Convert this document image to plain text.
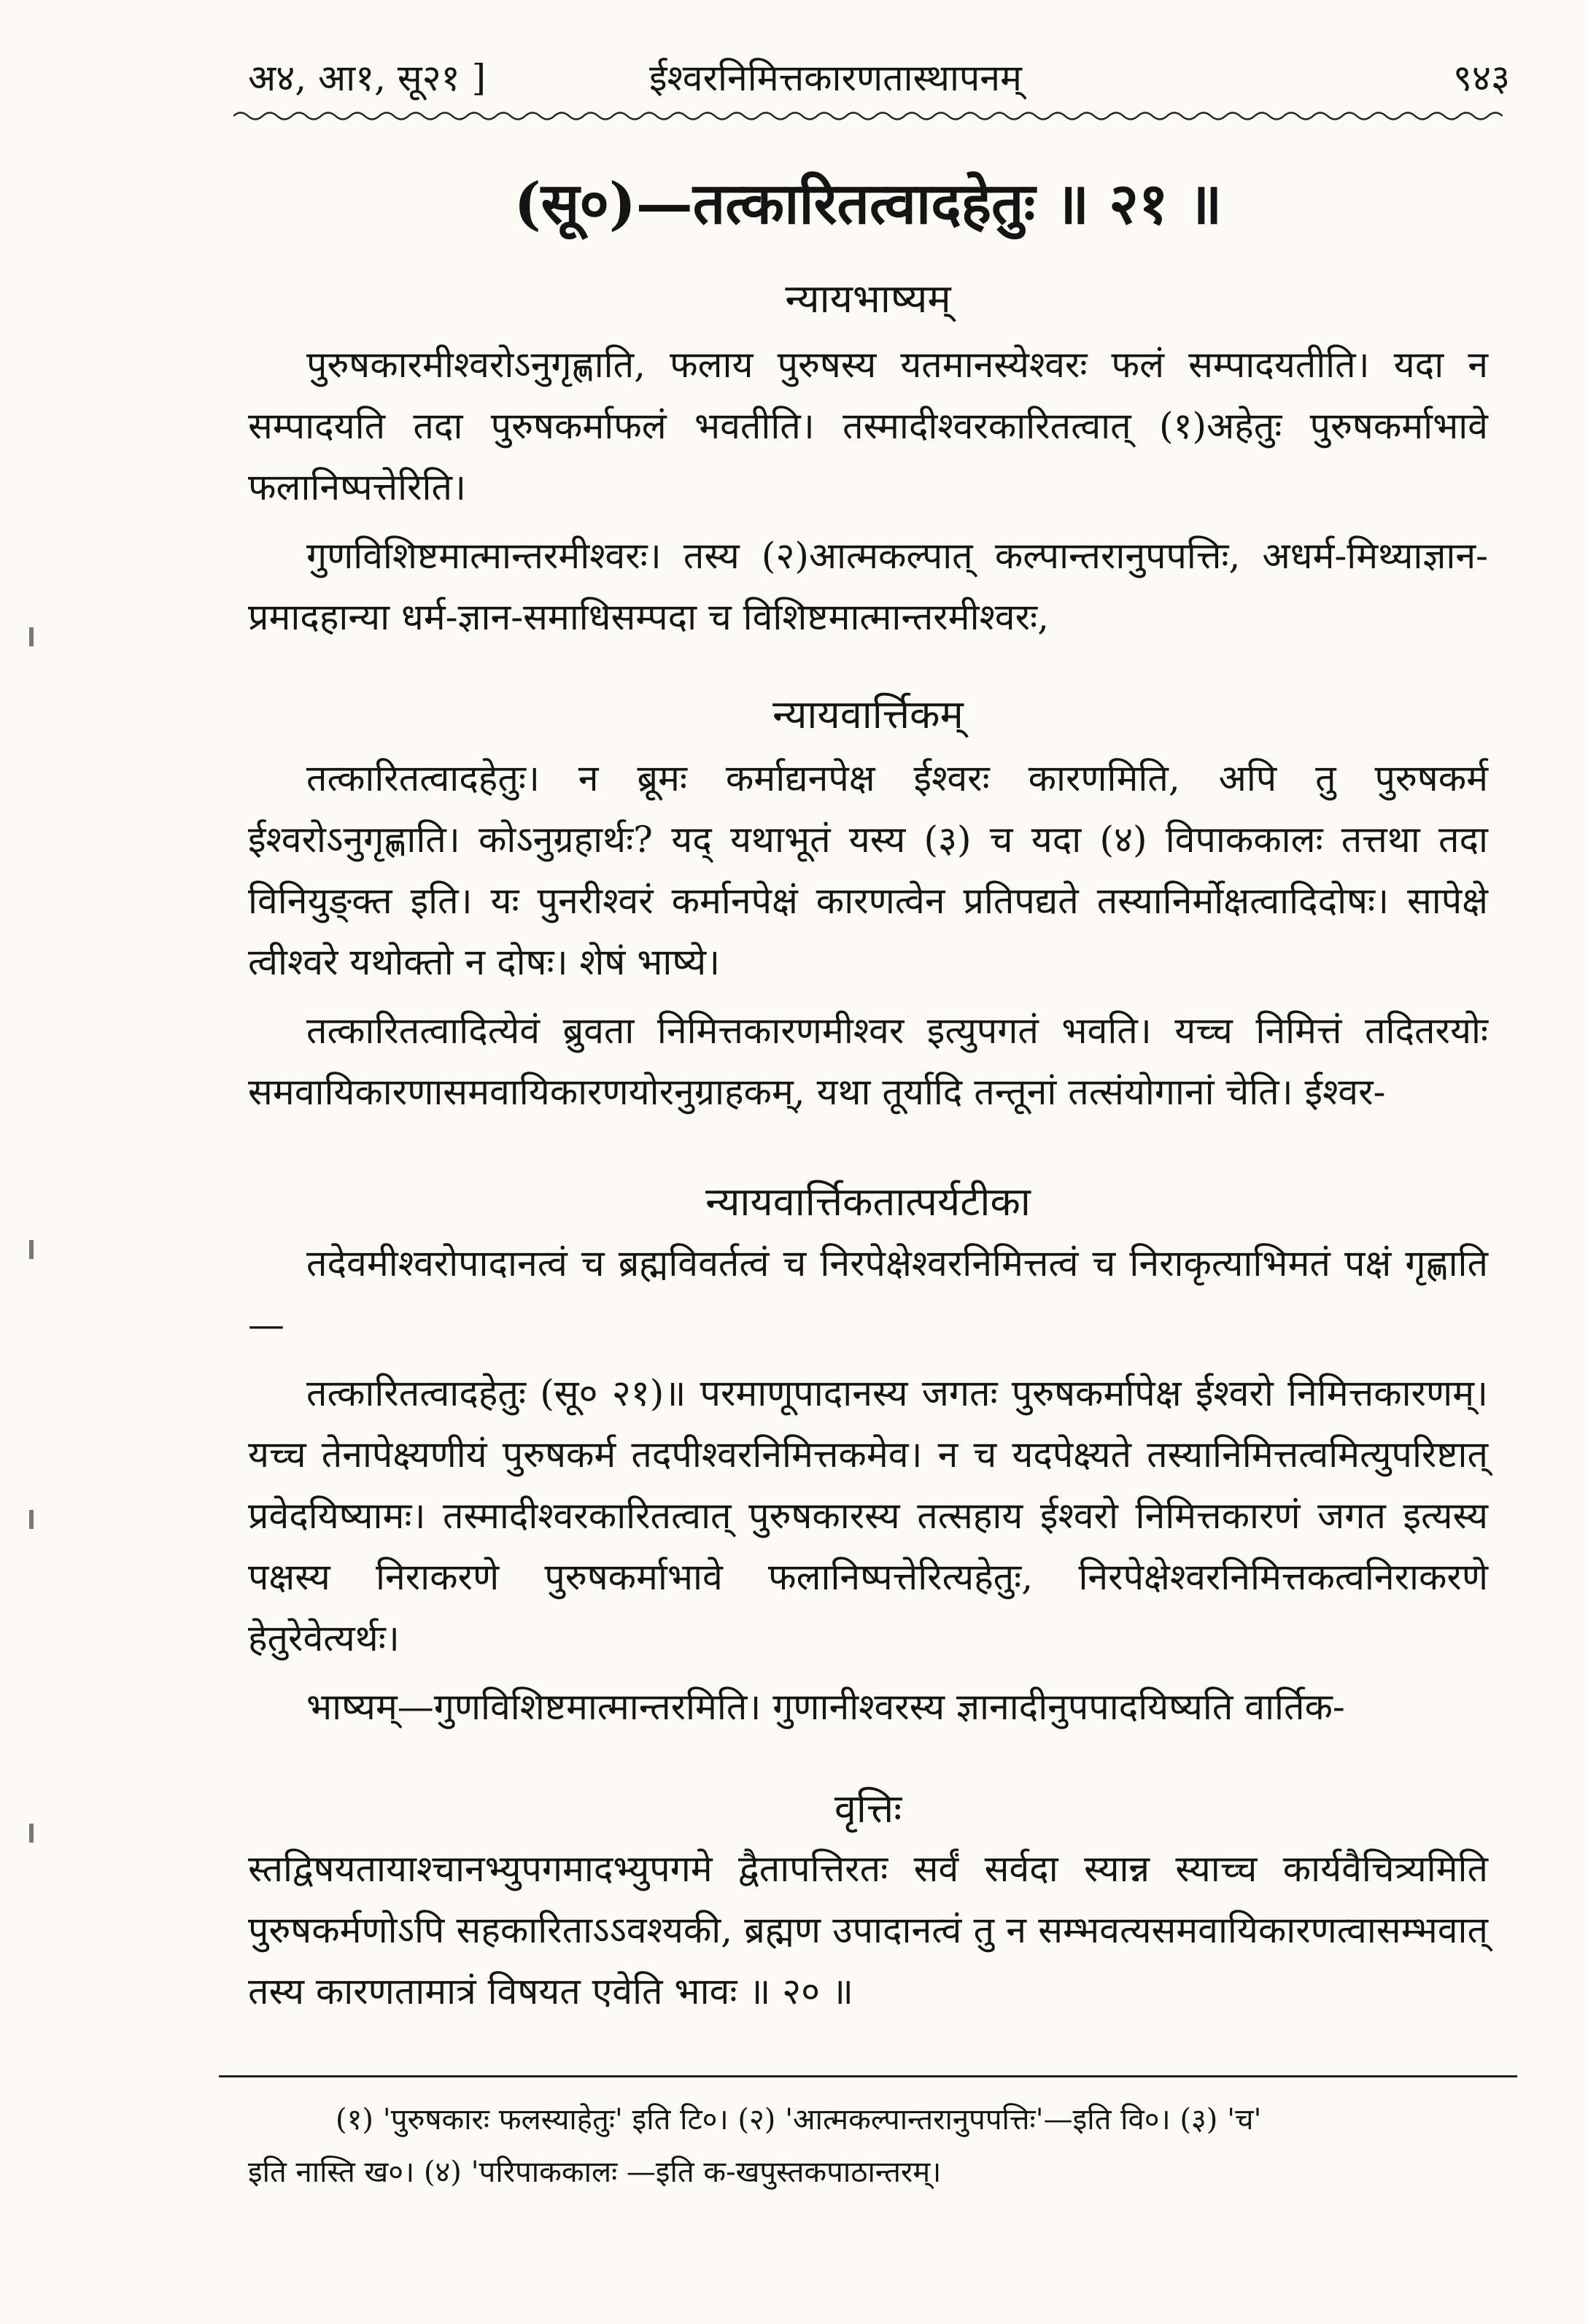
अ४, आ१, सू२१ ]	ईश्वरनिमित्तकारणतास्थापनम्	९४३
(सू०)—तत्कारितत्वादहेतुः ॥ २१ ॥
न्यायभाष्यम्

पुरुषकारमीश्वरोऽनुगृह्णाति, फलाय पुरुषस्य यतमानस्येश्वरः फलं सम्पादयतीति। यदा न सम्पादयति तदा पुरुषकर्माफलं भवतीति। तस्मादीश्वरकारितत्वात् (१)अहेतुः पुरुषकर्माभावे फलानिष्पत्तेरिति।

गुणविशिष्टमात्मान्तरमीश्वरः। तस्य (२)आत्मकल्पात् कल्पान्तरानुपपत्तिः, अधर्म-मिथ्याज्ञान-प्रमादहान्या धर्म-ज्ञान-समाधिसम्पदा च विशिष्टमात्मान्तरमीश्वरः,

न्यायवार्त्तिकम्

तत्कारितत्वादहेतुः। न ब्रूमः कर्माद्यनपेक्ष ईश्वरः कारणमिति, अपि तु पुरुषकर्म ईश्वरोऽनुगृह्णाति। कोऽनुग्रहार्थः? यद् यथाभूतं यस्य (३) च यदा (४) विपाककालः तत्तथा तदा विनियुङ्क्त इति। यः पुनरीश्वरं कर्मानपेक्षं कारणत्वेन प्रतिपद्यते तस्यानिर्मोक्षत्वादिदोषः। सापेक्षे त्वीश्वरे यथोक्तो न दोषः। शेषं भाष्ये।

तत्कारितत्वादित्येवं ब्रुवता निमित्तकारणमीश्वर इत्युपगतं भवति। यच्च निमित्तं तदितरयोः समवायिकारणासमवायिकारणयोरनुग्राहकम्, यथा तूर्यादि तन्तूनां तत्संयोगानां चेति। ईश्वर-

न्यायवार्त्तिकतात्पर्यटीका

तदेवमीश्वरोपादानत्वं च ब्रह्मविवर्तत्वं च निरपेक्षेश्वरनिमित्तत्वं च निराकृत्याभिमतं पक्षं गृह्णाति—

तत्कारितत्वादहेतुः (सू० २१)॥ परमाणूपादानस्य जगतः पुरुषकर्मापेक्ष ईश्वरो निमित्तकारणम्। यच्च तेनापेक्ष्यणीयं पुरुषकर्म तदपीश्वरनिमित्तकमेव। न च यदपेक्ष्यते तस्यानिमित्तत्वमित्युपरिष्टात् प्रवेदयिष्यामः। तस्मादीश्वरकारितत्वात् पुरुषकारस्य तत्सहाय ईश्वरो निमित्तकारणं जगत इत्यस्य पक्षस्य निराकरणे पुरुषकर्माभावे फलानिष्पत्तेरित्यहेतुः, निरपेक्षेश्वरनिमित्तकत्वनिराकरणे हेतुरेवेत्यर्थः।

भाष्यम्—गुणविशिष्टमात्मान्तरमिति। गुणानीश्वरस्य ज्ञानादीनुपपादयिष्यति वार्तिक-

वृत्तिः

स्तद्विषयतायाश्चानभ्युपगमादभ्युपगमे द्वैतापत्तिरतः सर्वं सर्वदा स्यान्न स्याच्च कार्यवैचित्र्यमिति पुरुषकर्मणोऽपि सहकारिताऽऽवश्यकी, ब्रह्मण उपादानत्वं तु न सम्भवत्यसमवायिकारणत्वासम्भवात् तस्य कारणतामात्रं विषयत एवेति भावः ॥ २० ॥

(१) 'पुरुषकारः फलस्याहेतुः' इति टि०। (२) 'आत्मकल्पान्तरानुपपत्तिः'—इति वि०। (३) 'च'
इति नास्ति ख०। (४) 'परिपाककालः —इति क-खपुस्तकपाठान्तरम्।
